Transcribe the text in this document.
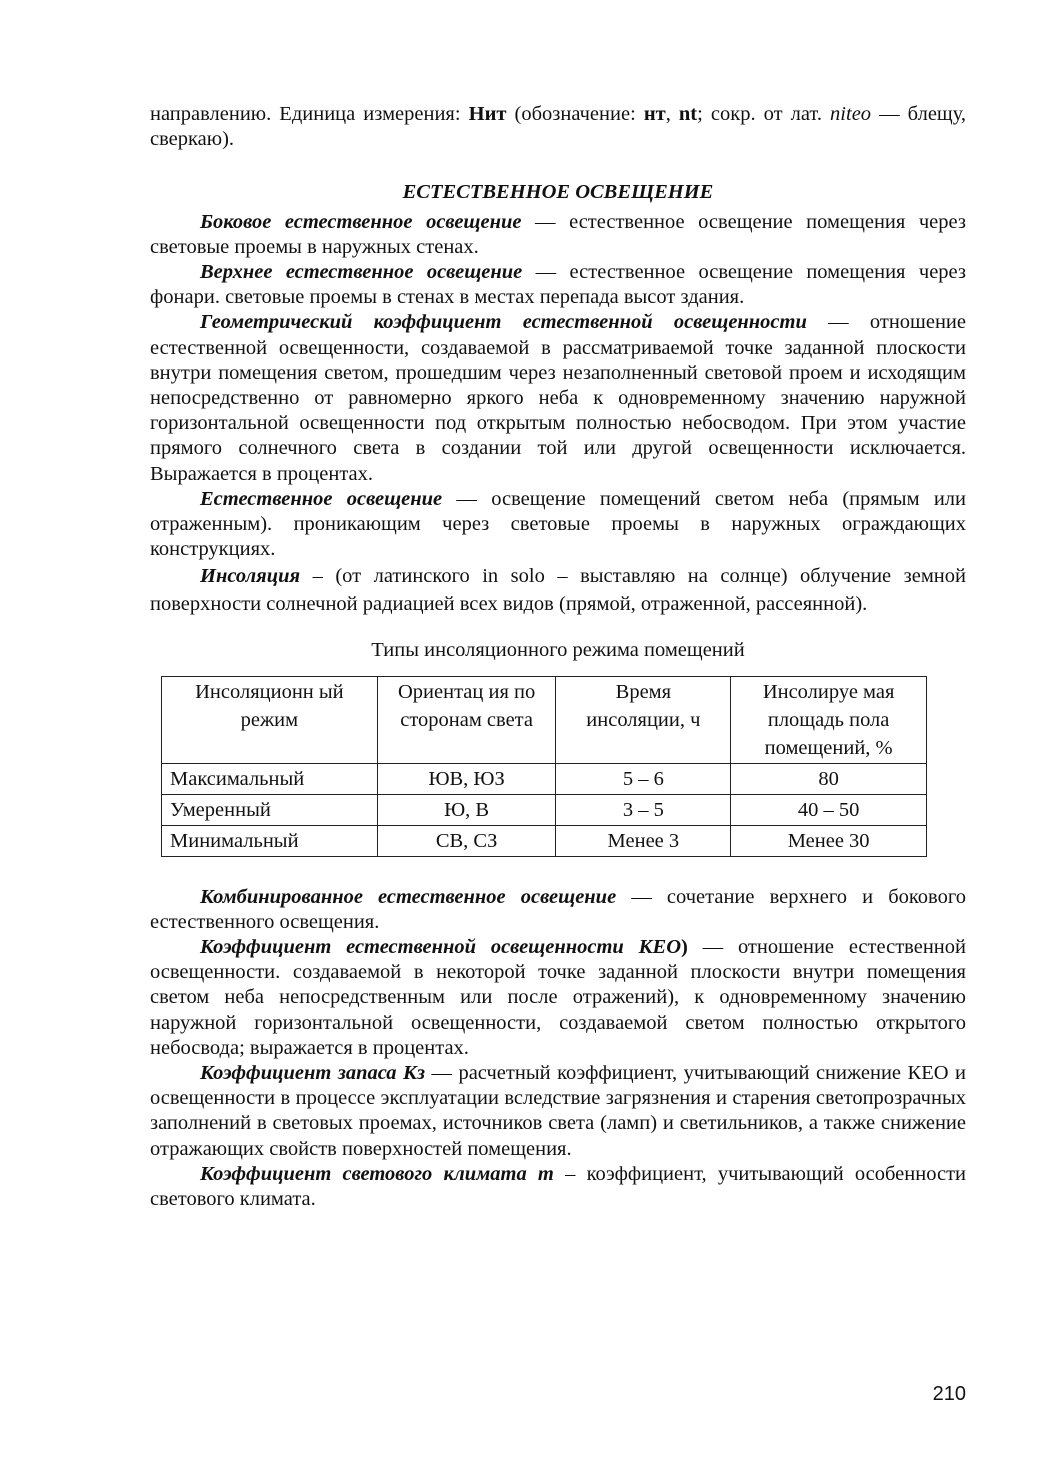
направлению. Единица измерения: Нит (обозначение: нт, nt; сокр. от лат. niteo — блещу, сверкаю).

ЕСТЕСТВЕННОЕ ОСВЕЩЕНИЕ

Боковое естественное освещение — естественное освещение помещения через световые проемы в наружных стенах.

Верхнее естественное освещение — естественное освещение помещения через фонари. световые проемы в стенах в местах перепада высот здания.

Геометрический коэффициент естественной освещенности — отношение естественной освещенности, создаваемой в рассматриваемой точке заданной плоскости внутри помещения светом, прошедшим через незаполненный световой проем и исходящим непосредственно от равномерно яркого неба к одновременному значению наружной горизонтальной освещенности под открытым полностью небосводом. При этом участие прямого солнечного света в создании той или другой освещенности исключается. Выражается в процентах.

Естественное освещение — освещение помещений светом неба (прямым или отраженным). проникающим через световые проемы в наружных ограждающих конструкциях.

Инсоляция – (от латинского in solo – выставляю на солнце) облучение земной поверхности солнечной радиацией всех видов (прямой, отраженной, рассеянной).

Типы инсоляционного режима помещений
Инсоляционн ый режим	Ориентац ия по сторонам света	Время инсоляции, ч	Инсолируе мая площадь пола помещений, %
Максимальный	ЮВ, ЮЗ	5 – 6	80
Умеренный	Ю, В	3 – 5	40 – 50
Минимальный	СВ, СЗ	Менее 3	Менее 30

Комбинированное естественное освещение — сочетание верхнего и бокового естественного освещения.

Коэффициент естественной освещенности КЕО) — отношение естественной освещенности. создаваемой в некоторой точке заданной плоскости внутри помещения светом неба непосредственным или после отражений), к одновременному значению наружной горизонтальной освещенности, создаваемой светом полностью открытого небосвода; выражается в процентах.

Коэффициент запаса Кз — расчетный коэффициент, учитывающий снижение КЕО и освещенности в процессе эксплуатации вследствие загрязнения и старения светопрозрачных заполнений в световых проемах, источников света (ламп) и светильников, а также снижение отражающих свойств поверхностей помещения.

Коэффициент светового климата m – коэффициент, учитывающий особенности светового климата.

210
